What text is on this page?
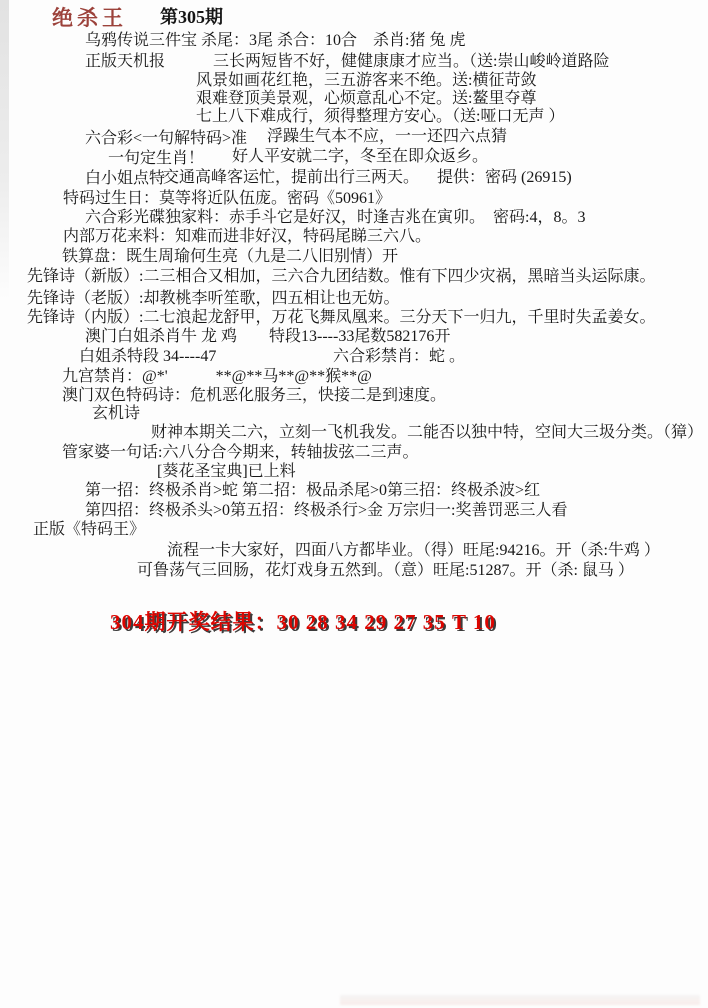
绝杀王 第305期
乌鸦传说三件宝 杀尾：3尾 杀合：10合　杀肖:猪 兔 虎
正版天机报	三长两短皆不好，健健康康才应当。（送:崇山峻岭道路险
风景如画花红艳，三五游客来不绝。送:横征苛敛
艰难登顶美景观，心烦意乱心不定。送:鳌里夺尊
七上八下难成行，须得整理方安心。（送:哑口无声 ）
六合彩<一句解特码>准 浮躁生气本不应，一一还四六点猜
一句定生肖！ 好人平安就二字，冬至在即众返乡。
白小姐点特
交通高峰客运忙，提前出行三两天。 提供：密码 (26915)
特码过生日：莫等将近队伍庞。密码《50961》
六合彩光碟独家料：赤手斗它是好汉，时逢吉兆在寅卯。　密码:4，8。3
内部万花来料：知难而进非好汉，特码尾睇三六八。
铁算盘：既生周瑜何生亮（九是二八旧别情）开
先锋诗（新版）:二三相合又相加，三六合九团结数。惟有下四少灾祸，黑暗当头运际康。
先锋诗（老版）:却教桃李听笙歌，四五相让也无妨。
先锋诗（内版）:二七浪起龙舒甲，万花飞舞凤凰来。三分天下一归九，千里时失孟姜女。
澳门白姐杀肖牛 龙 鸡　　特段13----33尾数582176开
白姐杀特段 34----47	六合彩禁肖：蛇 。
九宫禁肖：@*'　　　**@**马**@**猴**@
澳门双色特码诗：危机恶化服务三，快接二是到速度。
玄机诗
财神本期关二六，立刻一飞机我发。二能否以独中特，空间大三圾分类。（獐）
管家婆一句话:六八分合今期来，转轴拔弦二三声。
[葵花圣宝典]已上料
第一招：终极杀肖>蛇 第二招：极品杀尾>0第三招：终极杀波>红
第四招：终极杀头>0第五招：终极杀行>金 万宗归一:奖善罚恶三人看
正版《特码王》
流程一卡大家好，四面八方都毕业。（得）旺尾:94216。开（杀:牛鸡 ）
可鲁荡气三回肠，花灯戏身五然到。（意）旺尾:51287。开（杀: 鼠马 ）
304期开奖结果：30 28 34 29 27 35 T 10
